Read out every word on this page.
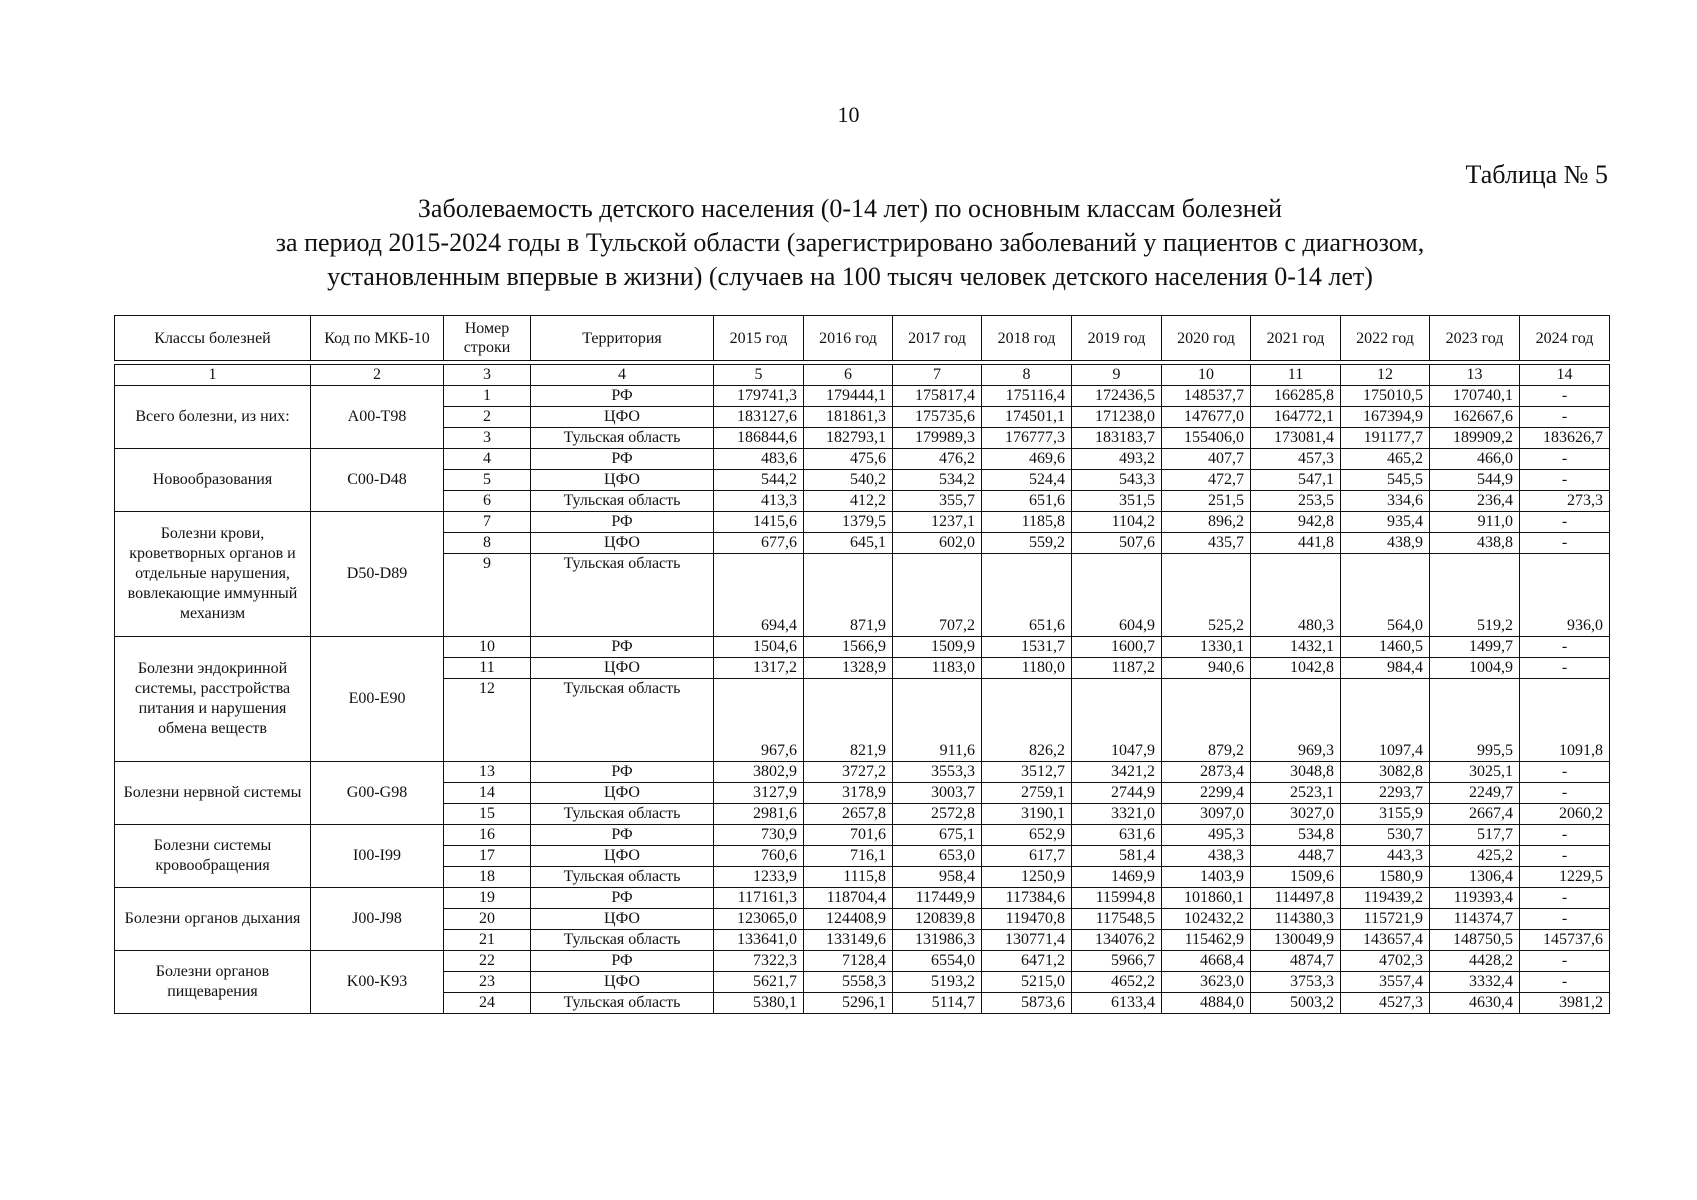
10
Таблица № 5
Заболеваемость детского населения (0-14 лет) по основным классам болезней
за период 2015-2024 годы в Тульской области (зарегистрировано заболеваний у пациентов с диагнозом,
установленным впервые в жизни) (случаев на 100 тысяч человек детского населения 0-14 лет)
Классы болезней	Код по МКБ-10	Номер строки	Территория	2015 год	2016 год	2017 год	2018 год	2019 год	2020 год	2021 год	2022 год	2023 год	2024 год

1	2	3	4	5	6	7	8	9	10	11	12	13	14
Всего болезни, из них:	A00-T98	1	РФ	179741,3	179444,1	175817,4	175116,4	172436,5	148537,7	166285,8	175010,5	170740,1	-
		2	ЦФО	183127,6	181861,3	175735,6	174501,1	171238,0	147677,0	164772,1	167394,9	162667,6	-
		3	Тульская область	186844,6	182793,1	179989,3	176777,3	183183,7	155406,0	173081,4	191177,7	189909,2	183626,7
Новообразования	C00-D48	4	РФ	483,6	475,6	476,2	469,6	493,2	407,7	457,3	465,2	466,0	-
		5	ЦФО	544,2	540,2	534,2	524,4	543,3	472,7	547,1	545,5	544,9	-
		6	Тульская область	413,3	412,2	355,7	651,6	351,5	251,5	253,5	334,6	236,4	273,3
Болезни крови, кроветворных органов и отдельные нарушения, вовлекающие иммунный механизм	D50-D89	7	РФ	1415,6	1379,5	1237,1	1185,8	1104,2	896,2	942,8	935,4	911,0	-
		8	ЦФО	677,6	645,1	602,0	559,2	507,6	435,7	441,8	438,9	438,8	-
		9	Тульская область	694,4	871,9	707,2	651,6	604,9	525,2	480,3	564,0	519,2	936,0
Болезни эндокринной системы, расстройства питания и нарушения обмена веществ	E00-E90	10	РФ	1504,6	1566,9	1509,9	1531,7	1600,7	1330,1	1432,1	1460,5	1499,7	-
		11	ЦФО	1317,2	1328,9	1183,0	1180,0	1187,2	940,6	1042,8	984,4	1004,9	-
		12	Тульская область	967,6	821,9	911,6	826,2	1047,9	879,2	969,3	1097,4	995,5	1091,8
Болезни нервной системы	G00-G98	13	РФ	3802,9	3727,2	3553,3	3512,7	3421,2	2873,4	3048,8	3082,8	3025,1	-
		14	ЦФО	3127,9	3178,9	3003,7	2759,1	2744,9	2299,4	2523,1	2293,7	2249,7	-
		15	Тульская область	2981,6	2657,8	2572,8	3190,1	3321,0	3097,0	3027,0	3155,9	2667,4	2060,2
Болезни системы кровообращения	I00-I99	16	РФ	730,9	701,6	675,1	652,9	631,6	495,3	534,8	530,7	517,7	-
		17	ЦФО	760,6	716,1	653,0	617,7	581,4	438,3	448,7	443,3	425,2	-
		18	Тульская область	1233,9	1115,8	958,4	1250,9	1469,9	1403,9	1509,6	1580,9	1306,4	1229,5
Болезни органов дыхания	J00-J98	19	РФ	117161,3	118704,4	117449,9	117384,6	115994,8	101860,1	114497,8	119439,2	119393,4	-
		20	ЦФО	123065,0	124408,9	120839,8	119470,8	117548,5	102432,2	114380,3	115721,9	114374,7	-
		21	Тульская область	133641,0	133149,6	131986,3	130771,4	134076,2	115462,9	130049,9	143657,4	148750,5	145737,6
Болезни органов пищеварения	K00-K93	22	РФ	7322,3	7128,4	6554,0	6471,2	5966,7	4668,4	4874,7	4702,3	4428,2	-
		23	ЦФО	5621,7	5558,3	5193,2	5215,0	4652,2	3623,0	3753,3	3557,4	3332,4	-
		24	Тульская область	5380,1	5296,1	5114,7	5873,6	6133,4	4884,0	5003,2	4527,3	4630,4	3981,2
